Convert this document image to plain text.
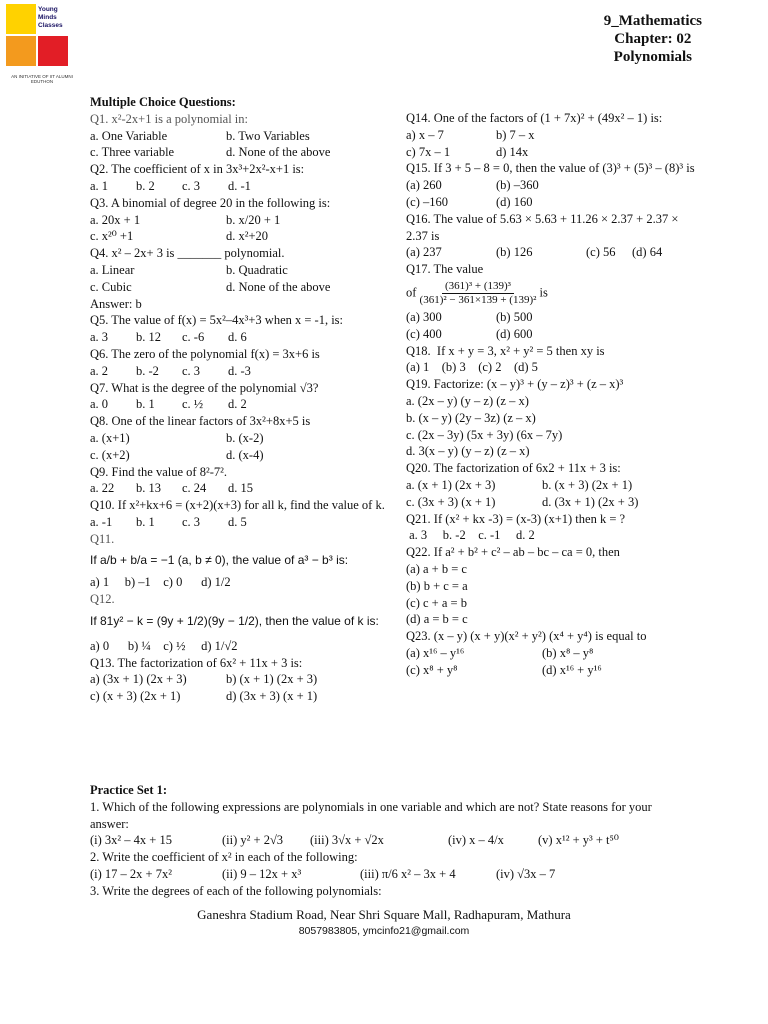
Young
Minds
Classes
AN INITIATIVE OF IIT ALUMNI EDUTHON
9_Mathematics
Chapter: 02
Polynomials
Multiple Choice Questions:
Q1. x²-2x+1 is a polynomial in:
a. One Variable	b. Two Variables
c. Three variable	d. None of the above
Q2. The coefficient of x in 3x³+2x²-x+1 is:
a. 1 b. 2 c. 3 d. -1
Q3. A binomial of degree 20 in the following is:
a. 20x + 1	b. x/20 + 1
c. x²⁰ +1	d. x²+20
Q4. x² – 2x+ 3 is _______ polynomial.
a. Linear	b. Quadratic
c. Cubic	d. None of the above
Answer: b
Q5. The value of f(x) = 5x²–4x³+3 when x = -1, is:
a. 3 b. 12 c. -6 d. 6
Q6. The zero of the polynomial f(x) = 3x+6 is
a. 2 b. -2 c. 3 d. -3
Q7. What is the degree of the polynomial √3?
a. 0 b. 1 c. ½ d. 2
Q8. One of the linear factors of 3x²+8x+5 is
a. (x+1)	b. (x-2)
c. (x+2)	d. (x-4)
Q9. Find the value of 8²-7².
a. 22 b. 13 c. 24 d. 15
Q10. If x²+kx+6 = (x+2)(x+3) for all k, find the value of k.
a. -1 b. 1 c. 3 d. 5
Q11.
If a/b + b/a = −1 (a, b ≠ 0), the value of a³ − b³ is:
a) 1     b) –1    c) 0      d) 1/2
Q12.
If 81y² − k = (9y + 1/2)(9y − 1/2), then the value of k is:
a) 0      b) ¼    c) ½     d) 1/√2
Q13. The factorization of 6x² + 11x + 3 is:
a) (3x + 1) (2x + 3)	b) (x + 1) (2x + 3)
c) (x + 3) (2x + 1)	d) (3x + 3) (x + 1)
Q14. One of the factors of (1 + 7x)² + (49x² – 1) is:
a) x – 7	b) 7 – x
c) 7x – 1	d) 14x
Q15. If 3 + 5 – 8 = 0, then the value of (3)³ + (5)³ – (8)³ is
(a) 260	(b) –360
(c) –160	(d) 160
Q16. The value of 5.63 × 5.63 + 11.26 × 2.37 + 2.37 × 2.37 is
(a) 237	(b) 126	(c) 56 (d) 64
Q17. The value
of $\frac{\text{(361)³ + (139)³}}{\text{(361)² − 361×139 + (139)²}}$ is
(a) 300	(b) 500
(c) 400	(d) 600
Q18.  If x + y = 3, x² + y² = 5 then xy is
(a) 1    (b) 3    (c) 2    (d) 5
Q19. Factorize: (x – y)³ + (y – z)³ + (z – x)³
a. (2x – y) (y – z) (z – x)
b. (x – y) (2y – 3z) (z – x)
c. (2x – 3y) (5x + 3y) (6x – 7y)
d. 3(x – y) (y – z) (z – x)
Q20. The factorization of 6x2 + 11x + 3 is:
a. (x + 1) (2x + 3)	b. (x + 3) (2x + 1)
c. (3x + 3) (x + 1)	d. (3x + 1) (2x + 3)
Q21. If (x² + kx -3) = (x-3) (x+1) then k = ?
a. 3     b. -2    c. -1     d. 2
Q22. If a² + b² + c² – ab – bc – ca = 0, then
(a) a + b = c
(b) b + c = a
(c) c + a = b
(d) a = b = c
Q23. (x – y) (x + y)(x² + y²) (x⁴ + y⁴) is equal to
(a) x¹⁶ – y¹⁶	(b) x⁸ – y⁸
(c) x⁸ + y⁸	(d) x¹⁶ + y¹⁶
Practice Set 1:
1. Which of the following expressions are polynomials in one variable and which are not? State reasons for your answer:
(i) 3x² – 4x + 15	(ii) y² + 2√3 (iii) 3√x + √2x	(iv) x – 4/x	(v) x¹² + y³ + t⁵⁰
2. Write the coefficient of x² in each of the following:
(i) 17 – 2x + 7x²	(ii) 9 – 12x + x³	(iii) π/6 x² – 3x + 4	(iv) √3x – 7
3. Write the degrees of each of the following polynomials:
Ganeshra Stadium Road, Near Shri Square Mall, Radhapuram, Mathura
8057983805, ymcinfo21@gmail.com
